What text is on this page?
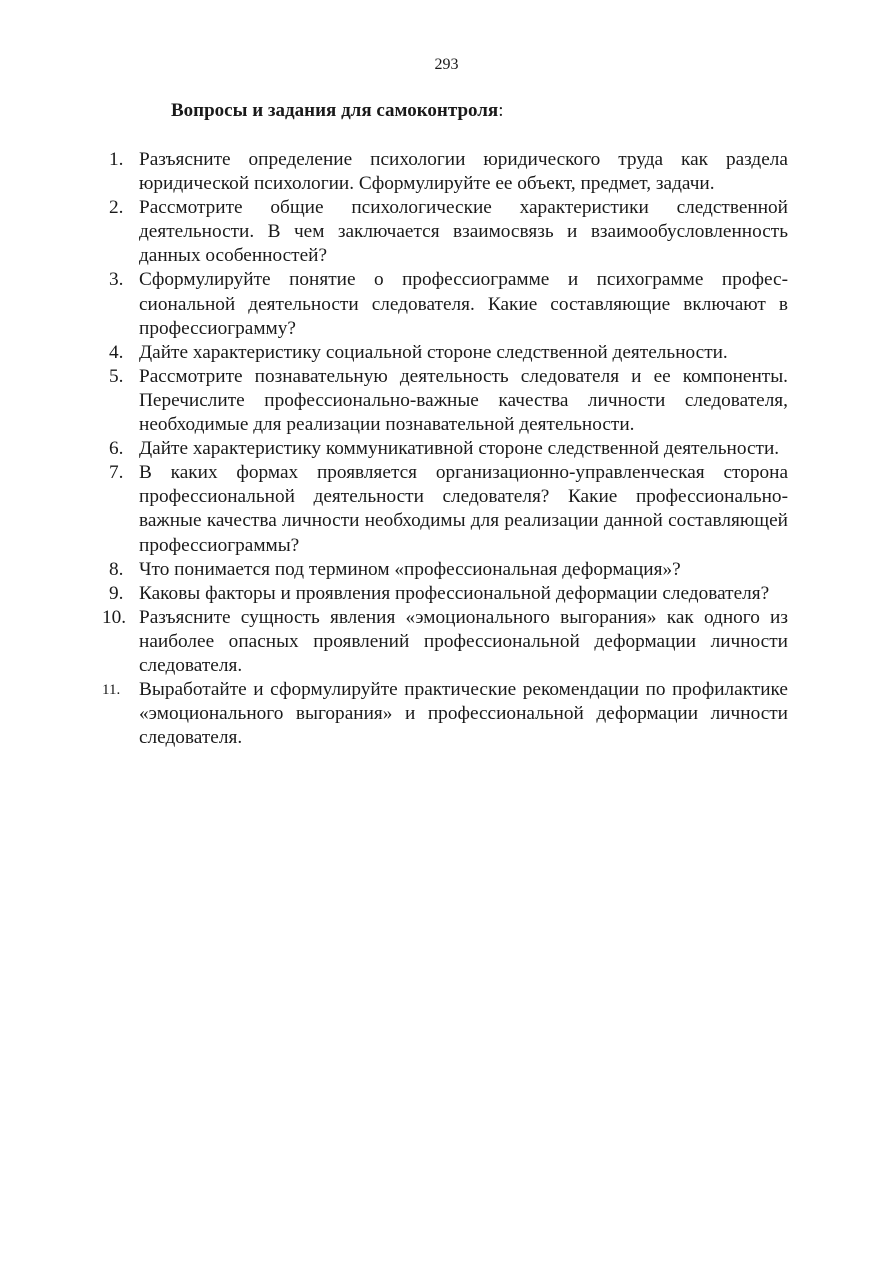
293
Вопросы и задания для самоконтроля:
1. Разъясните определение психологии юридического труда как раздела юридической психологии. Сформулируйте ее объект, предмет, задачи.
2. Рассмотрите общие психологические характеристики следственной деятельности. В чем заключается взаимосвязь и взаимообусловленность данных особенностей?
3. Сформулируйте понятие о профессиограмме и психограмме профессиональной деятельности следователя. Какие составляющие включают в профессиограмму?
4. Дайте характеристику социальной стороне следственной деятельности.
5. Рассмотрите познавательную деятельность следователя и ее компоненты. Перечислите профессионально-важные качества личности следователя, необходимые для реализации познавательной деятельности.
6. Дайте характеристику коммуникативной стороне следственной деятельности.
7. В каких формах проявляется организационно-управленческая сторона профессиональной деятельности следователя? Какие профессионально-важные качества личности необходимы для реализации данной составляющей профессиограммы?
8. Что понимается под термином «профессиональная деформация»?
9. Каковы факторы и проявления профессиональной деформации следователя?
10. Разъясните сущность явления «эмоционального выгорания» как одного из наиболее опасных проявлений профессиональной деформации личности следователя.
11. Выработайте и сформулируйте практические рекомендации по профилактике «эмоционального выгорания» и профессиональной деформации личности следователя.
